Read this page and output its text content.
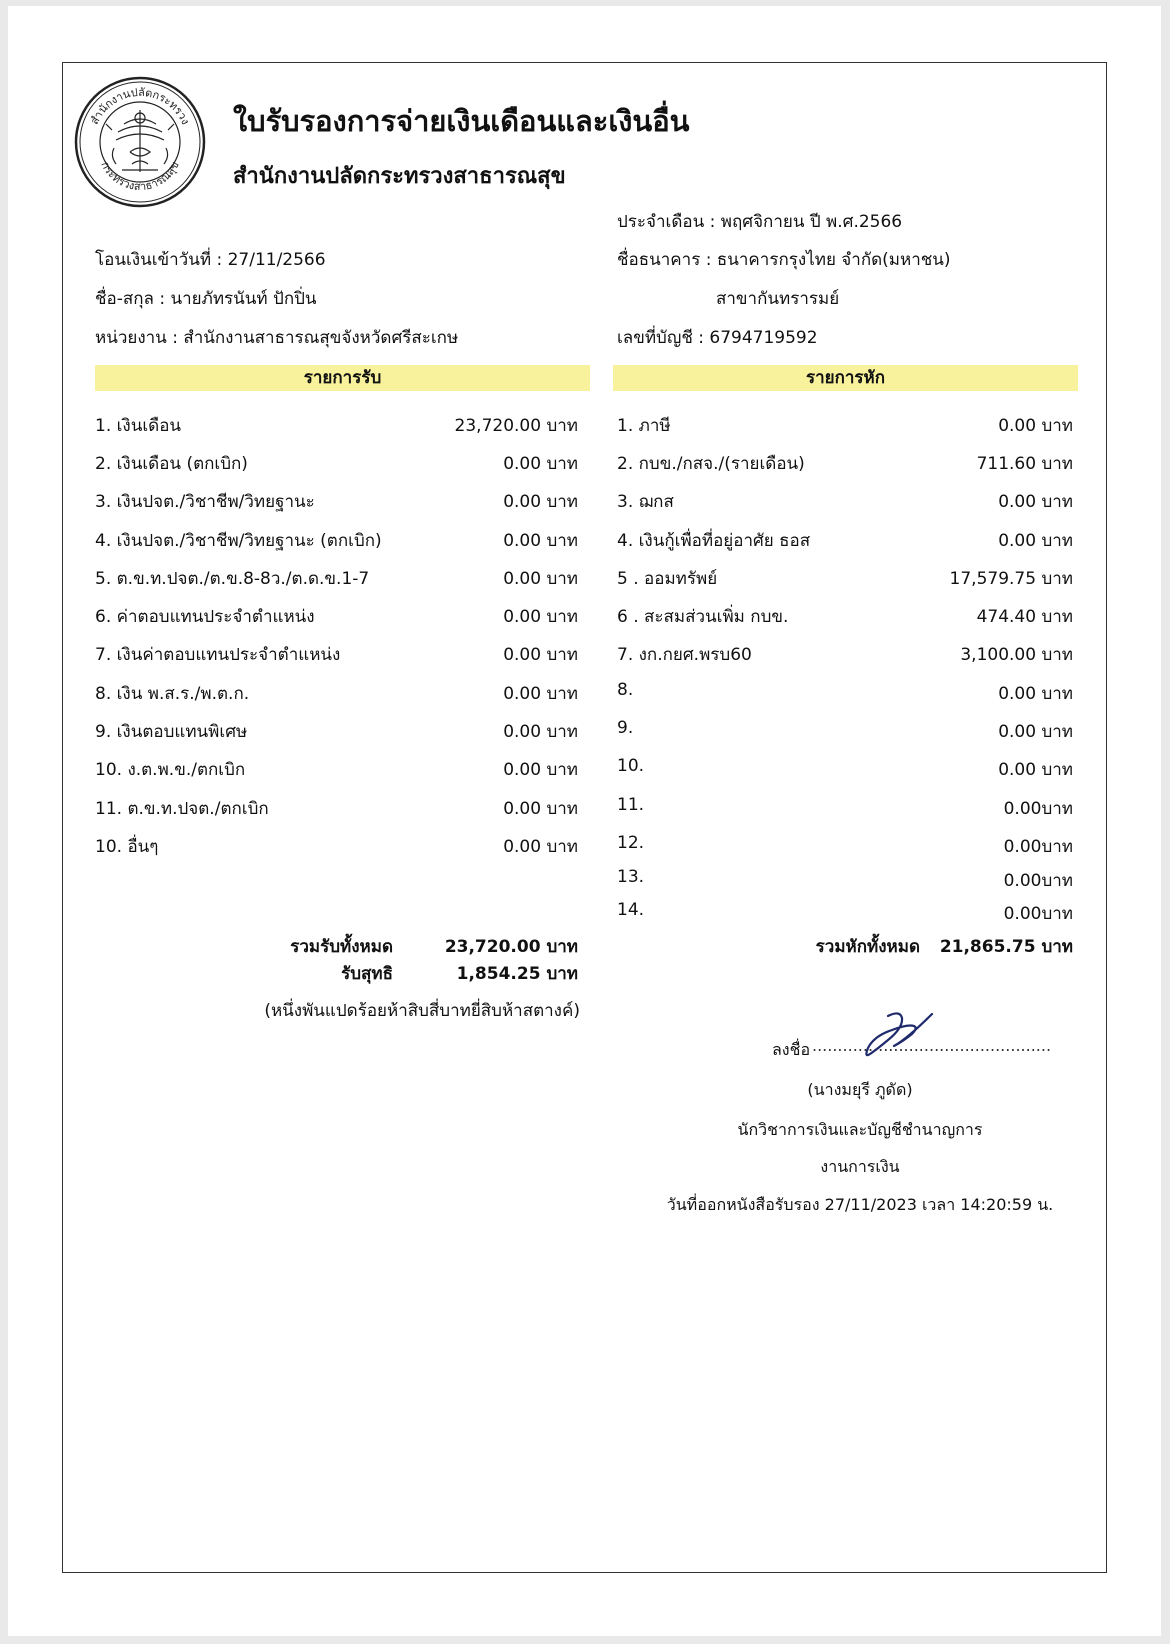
สำนักงานปลัดกระทรวง
กระทรวงสาธารณสุข
ใบรับรองการจ่ายเงินเดือนและเงินอื่น
สำนักงานปลัดกระทรวงสาธารณสุข
ประจำเดือน : พฤศจิกายน ปี พ.ศ.2566
ชื่อธนาคาร : ธนาคารกรุงไทย จำกัด(มหาชน)
สาขากันทรารมย์
เลขที่บัญชี : 6794719592
โอนเงินเข้าวันที่ : 27/11/2566
ชื่อ-สกุล : นายภัทรนันท์ ปักปิ่น
หน่วยงาน : สำนักงานสาธารณสุขจังหวัดศรีสะเกษ
รายการรับ	รายการหัก
1. เงินเดือน	23,720.00 บาท
2. เงินเดือน (ตกเบิก)	0.00 บาท
3. เงินปจต./วิชาชีพ/วิทยฐานะ	0.00 บาท
4. เงินปจต./วิชาชีพ/วิทยฐานะ (ตกเบิก)	0.00 บาท
5. ต.ข.ท.ปจต./ต.ข.8-8ว./ต.ด.ข.1-7	0.00 บาท
6. ค่าตอบแทนประจำตำแหน่ง	0.00 บาท
7. เงินค่าตอบแทนประจำตำแหน่ง	0.00 บาท
8. เงิน พ.ส.ร./พ.ต.ก.	0.00 บาท
9. เงินตอบแทนพิเศษ	0.00 บาท
10. ง.ต.พ.ข./ตกเบิก	0.00 บาท
11. ต.ข.ท.ปจต./ตกเบิก	0.00 บาท
10. อื่นๆ	0.00 บาท
1. ภาษี	0.00 บาท
2. กบข./กสจ./(รายเดือน)	711.60 บาท
3. ฌกส	0.00 บาท
4. เงินกู้เพื่อที่อยู่อาศัย ธอส	0.00 บาท
5 . ออมทรัพย์	17,579.75 บาท
6 . สะสมส่วนเพิ่ม กบข.	474.40 บาท
7. งก.กยศ.พรบ60	3,100.00 บาท
8.	0.00 บาท
9.	0.00 บาท
10.	0.00 บาท
11.	0.00บาท
12.	0.00บาท
13.	0.00บาท
14.	0.00บาท
รวมรับทั้งหมด	23,720.00 บาท
รับสุทธิ	1,854.25 บาท
(หนึ่งพันแปดร้อยห้าสิบสี่บาทยี่สิบห้าสตางค์)
รวมหักทั้งหมด	21,865.75 บาท
ลงชื่อ ...............................................
(นางมยุรี ภูดัด)
นักวิชาการเงินและบัญชีชำนาญการ
งานการเงิน
วันที่ออกหนังสือรับรอง 27/11/2023 เวลา 14:20:59 น.
